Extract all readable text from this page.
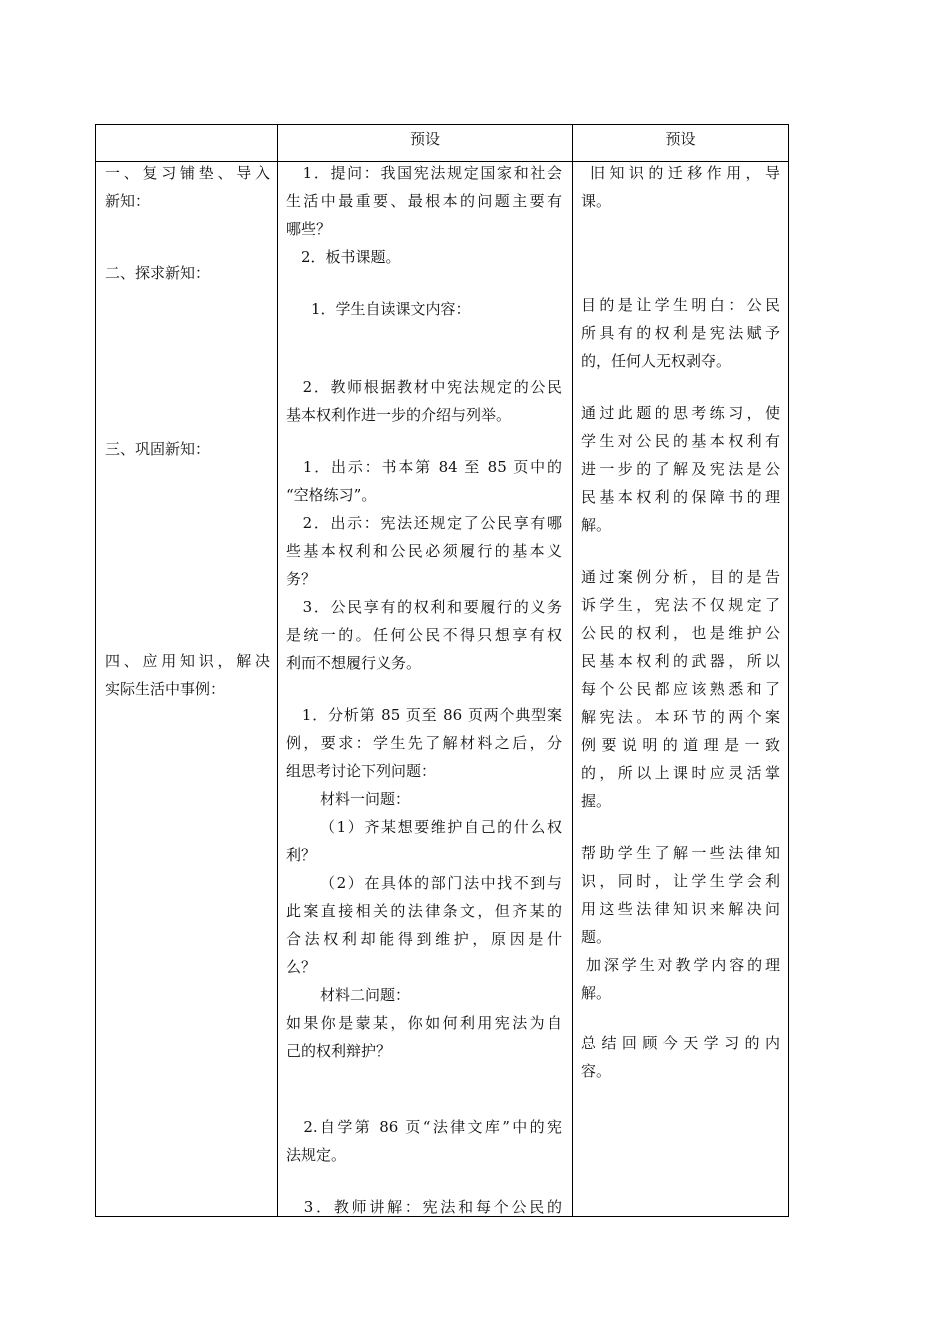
预设	预设
一、复习铺垫、导入
新知：
二、探求新知：
三、巩固新知：
四、应用知识，解决
实际生活中事例：
　1．提问：我国宪法规定国家和社会
生活中最重要、最根本的问题主要有
哪些？
　2．板书课题。
　1．学生自读课文内容：
　2．教师根据教材中宪法规定的公民
基本权利作进一步的介绍与列举。
　1．出示：书本第 84 至 85 页中的
“空格练习”。
　2．出示：宪法还规定了公民享有哪
些基本权利和公民必须履行的基本义
务？
　3．公民享有的权利和要履行的义务
是统一的。任何公民不得只想享有权
利而不想履行义务。
　1．分析第 85 页至 86 页两个典型案
例，要求：学生先了解材料之后，分
组思考讨论下列问题：
材料一问题：
（1）齐某想要维护自己的什么权
利？
（2）在具体的部门法中找不到与
此案直接相关的法律条文，但齐某的
合法权利却能得到维护，原因是什
么？
材料二问题：
如果你是蒙某，你如何利用宪法为自
己的权利辩护？
　2.自学第 86 页“法律文库”中的宪
法规定。
　3．教师讲解：宪法和每个公民的
旧知识的迁移作用，导
课。
目的是让学生明白：公民
所具有的权利是宪法赋予
的，任何人无权剥夺。
通过此题的思考练习，使
学生对公民的基本权利有
进一步的了解及宪法是公
民基本权利的保障书的理
解。
通过案例分析，目的是告
诉学生，宪法不仅规定了
公民的权利，也是维护公
民基本权利的武器，所以
每个公民都应该熟悉和了
解宪法。本环节的两个案
例要说明的道理是一致
的，所以上课时应灵活掌
握。
帮助学生了解一些法律知
识，同时，让学生学会利
用这些法律知识来解决问
题。
加深学生对教学内容的理
解。
总结回顾今天学习的内
容。
